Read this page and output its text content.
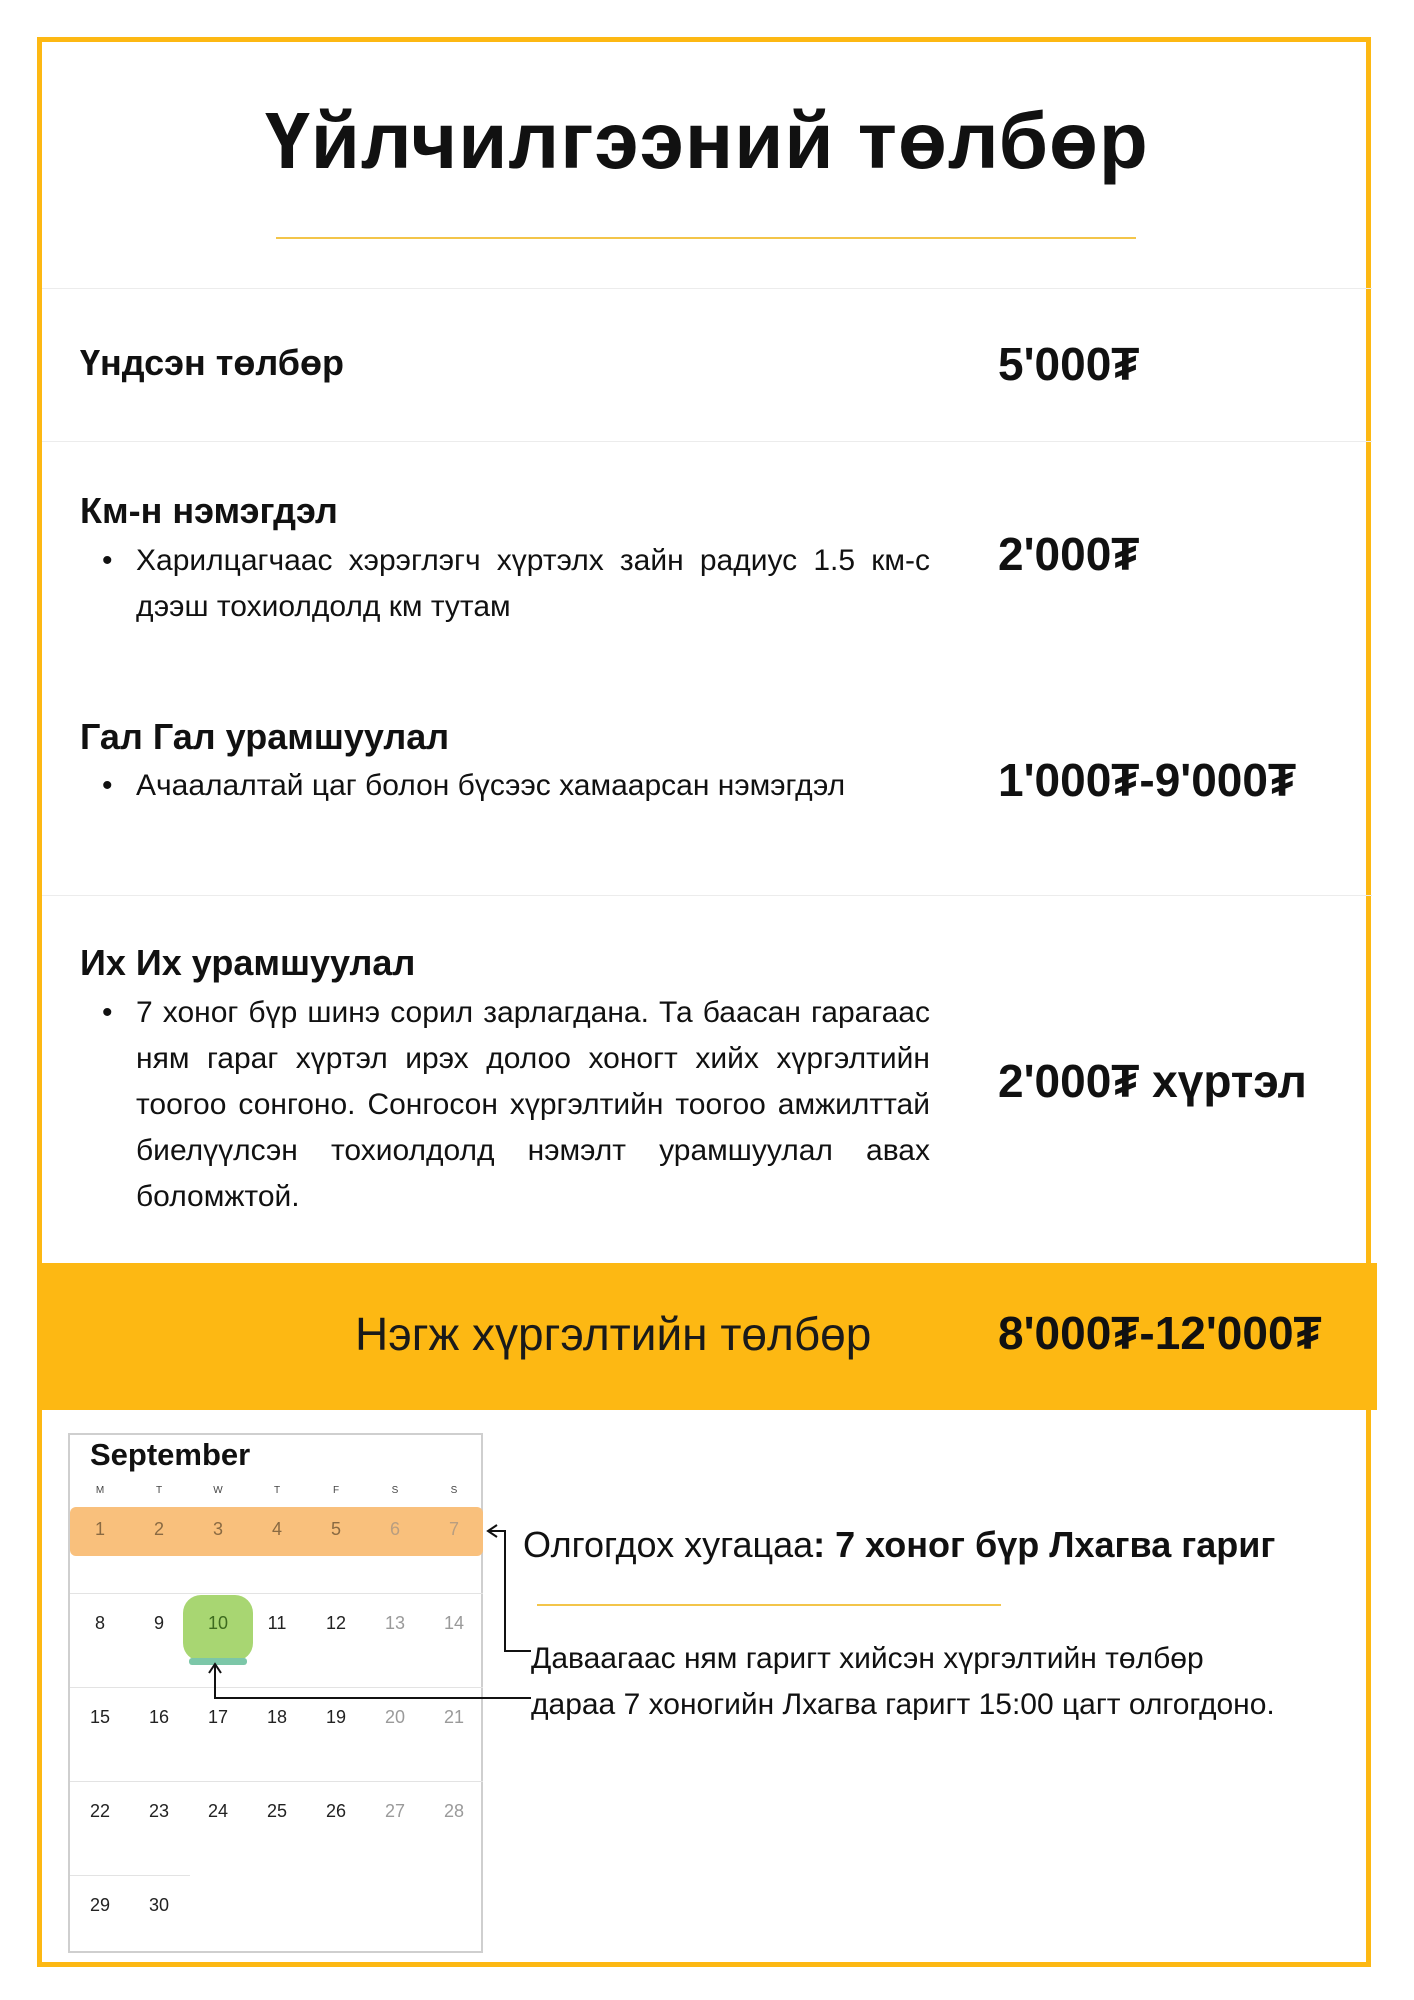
Үйлчилгээний төлбөр
Үндсэн төлбөр	5'000₮
Км-н нэмэгдэл
• Харилцагчаас хэрэглэгч хүртэлх зайн радиус 1.5 км-с дээш тохиолдолд км тутам
2'000₮
Гал Гал урамшуулал
• Ачаалалтай цаг болон бүсээс хамаарсан нэмэгдэл	1'000₮-9'000₮
Их Их урамшуулал
• 7 хоног бүр шинэ сорил зарлагдана. Та баасан гарагаас ням гараг хүртэл ирэх долоо хоногт хийх хүргэлтийн тоогоо сонгоно. Сонгосон хүргэлтийн тоогоо амжилттай биелүүлсэн тохиолдолд нэмэлт урамшуулал авах боломжтой.
2'000₮ хүртэл
Нэгж хүргэлтийн төлбөр	8'000₮-12'000₮
September
M	T	W	T	F	S	S
1	2	3	4	5	6	7
8	9	10	11	12	13	14
15	16	17	18	19	20	21
22	23	24	25	26	27	28
29	30
Олгогдох хугацаа: 7 хоног бүр Лхагва гариг
Даваагаас ням гаригт хийсэн хүргэлтийн төлбөр
дараа 7 хоногийн Лхагва гаригт 15:00 цагт олгогдоно.
